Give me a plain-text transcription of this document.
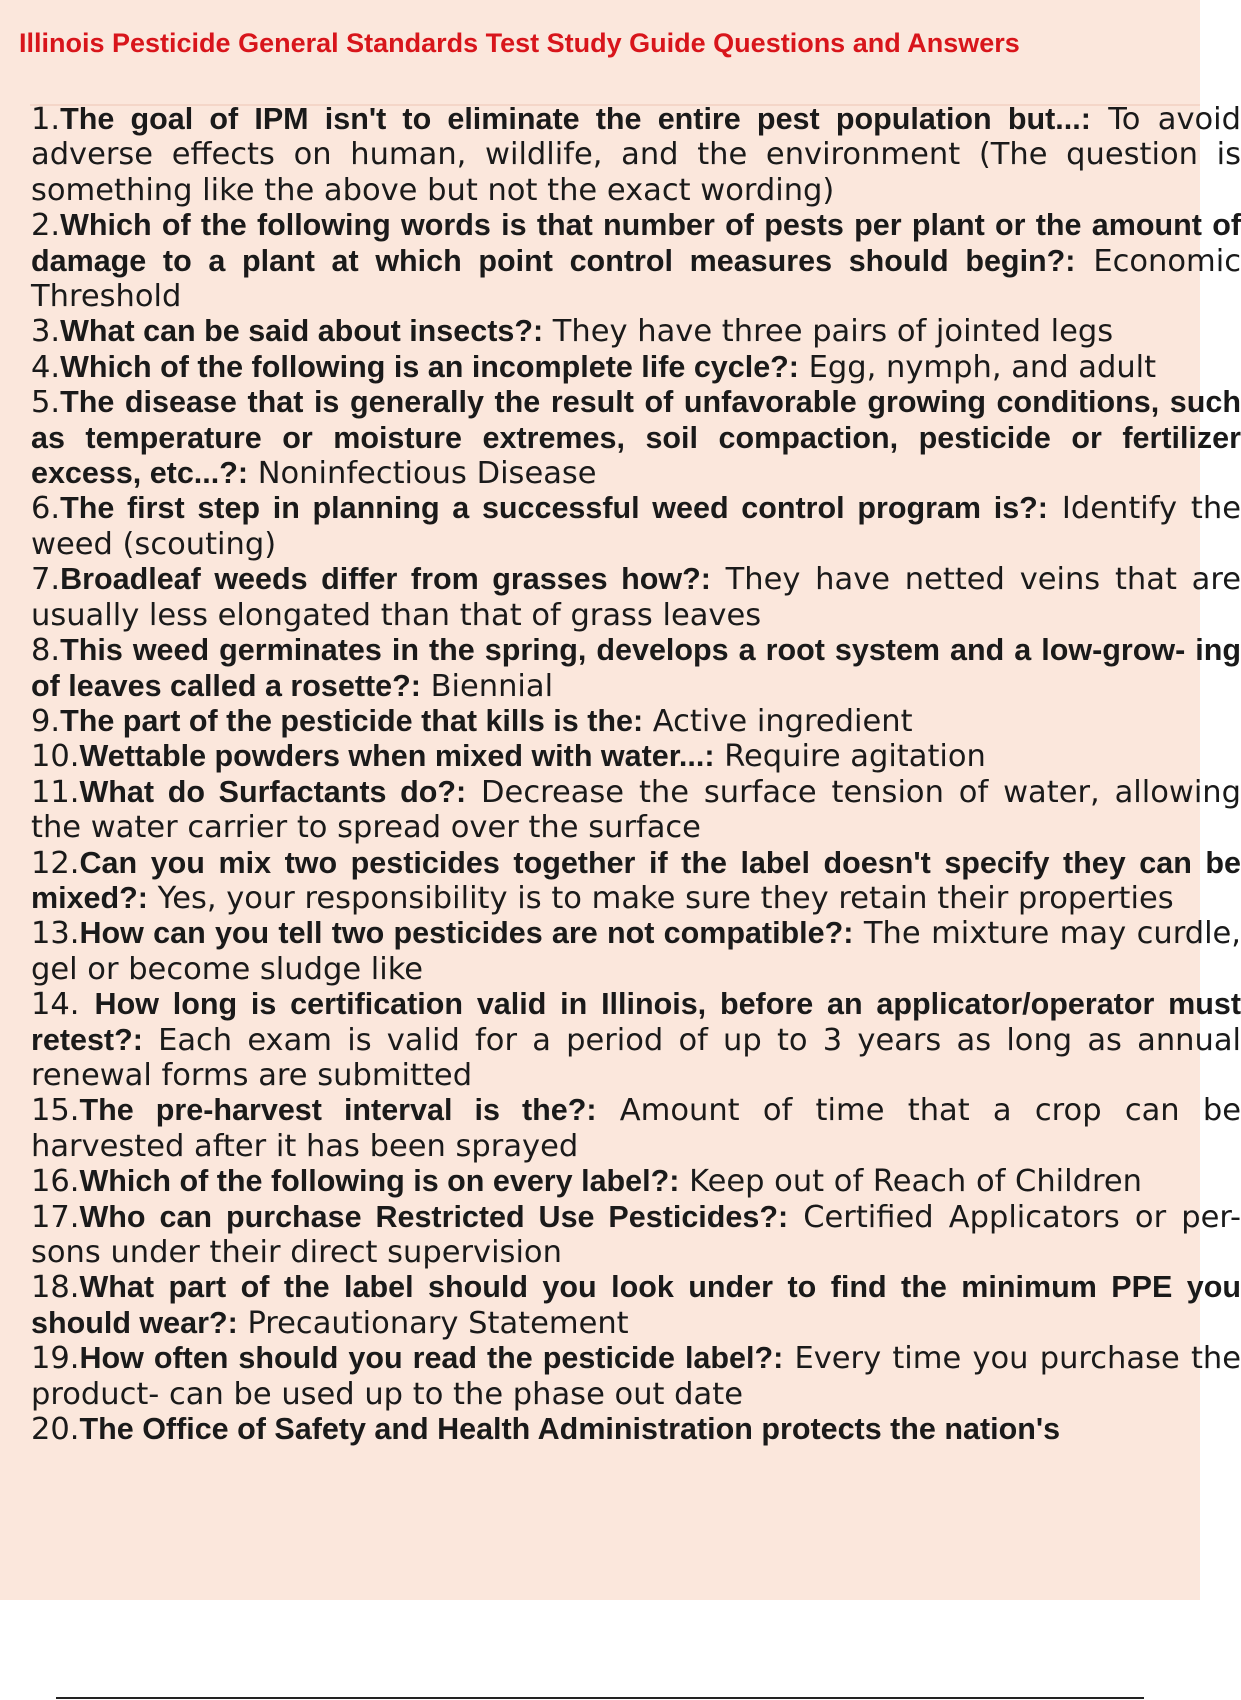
Illinois Pesticide General Standards Test Study Guide Questions and Answers
1.The goal of IPM isn't to eliminate the entire pest population but...: To avoid adverse effects on human, wildlife, and the environment (The question is something like the above but not the exact wording)
2.Which of the following words is that number of pests per plant or the amount of damage to a plant at which point control measures should begin?: Economic Threshold
3.What can be said about insects?: They have three pairs of jointed legs
4.Which of the following is an incomplete life cycle?: Egg, nymph, and adult
5.The disease that is generally the result of unfavorable growing conditions, such as temperature or moisture extremes, soil compaction, pesticide or fertilizer excess, etc...?: Noninfectious Disease
6.The first step in planning a successful weed control program is?: Identify the weed (scouting)
7.Broadleaf weeds differ from grasses how?: They have netted veins that are usually less elongated than that of grass leaves
8.This weed germinates in the spring, develops a root system and a low-grow- ing of leaves called a rosette?: Biennial
9.The part of the pesticide that kills is the: Active ingredient
10.Wettable powders when mixed with water...: Require agitation
11.What do Surfactants do?: Decrease the surface tension of water, allowing the water carrier to spread over the surface
12.Can you mix two pesticides together if the label doesn't specify they can be mixed?: Yes, your responsibility is to make sure they retain their properties
13.How can you tell two pesticides are not compatible?: The mixture may curdle, gel or become sludge like
14. How long is certification valid in Illinois, before an applicator/operator must retest?: Each exam is valid for a period of up to 3 years as long as annual renewal forms are submitted
15.The pre-harvest interval is the?: Amount of time that a crop can be harvested after it has been sprayed
16.Which of the following is on every label?: Keep out of Reach of Children
17.Who can purchase Restricted Use Pesticides?: Certified Applicators or per- sons under their direct supervision
18.What part of the label should you look under to find the minimum PPE you should wear?: Precautionary Statement
19.How often should you read the pesticide label?: Every time you purchase the product- can be used up to the phase out date
20.The Office of Safety and Health Administration protects the nation's
